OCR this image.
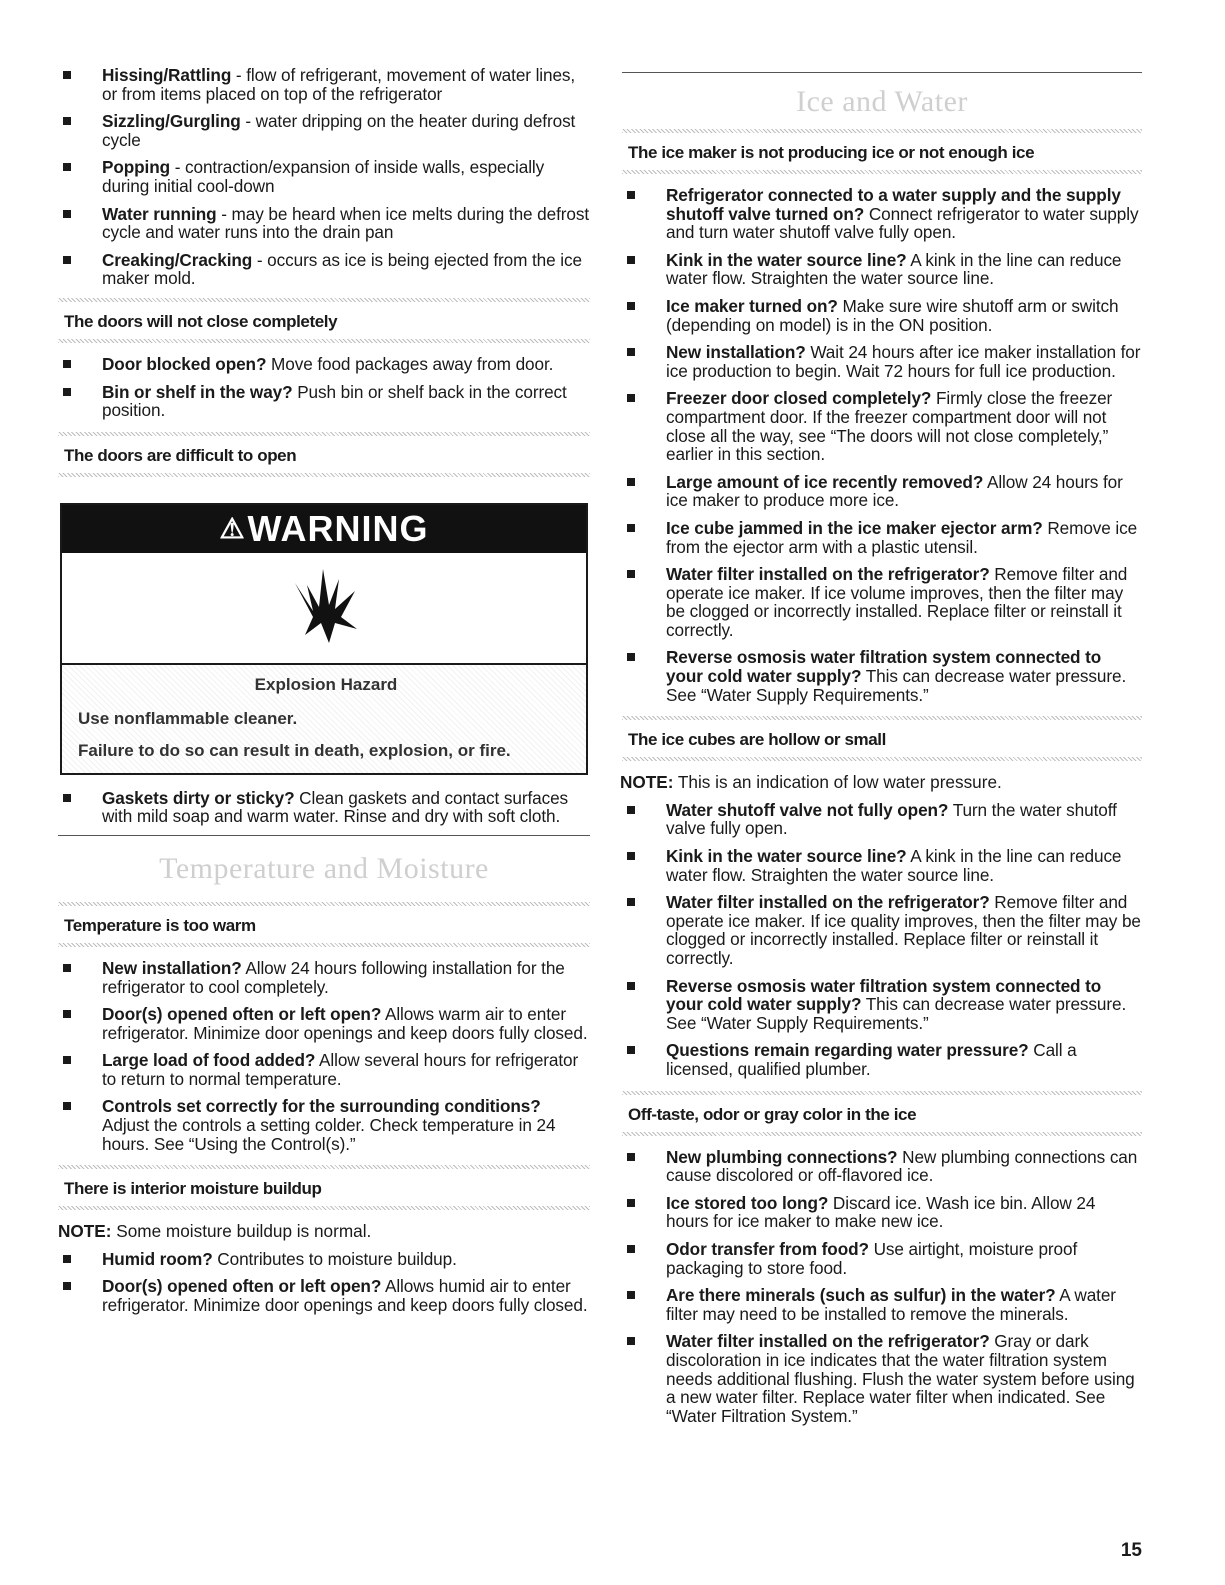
Hissing/Rattling - flow of refrigerant, movement of water lines, or from items placed on top of the refrigerator
Sizzling/Gurgling - water dripping on the heater during defrost cycle
Popping - contraction/expansion of inside walls, especially during initial cool-down
Water running - may be heard when ice melts during the defrost cycle and water runs into the drain pan
Creaking/Cracking - occurs as ice is being ejected from the ice maker mold.
The doors will not close completely
Door blocked open? Move food packages away from door.
Bin or shelf in the way? Push bin or shelf back in the correct position.
The doors are difficult to open
⚠WARNING
Explosion Hazard
Use nonflammable cleaner.
Failure to do so can result in death, explosion, or fire.
Gaskets dirty or sticky? Clean gaskets and contact surfaces with mild soap and warm water. Rinse and dry with soft cloth.
Temperature and Moisture
Temperature is too warm
New installation? Allow 24 hours following installation for the refrigerator to cool completely.
Door(s) opened often or left open? Allows warm air to enter refrigerator. Minimize door openings and keep doors fully closed.
Large load of food added? Allow several hours for refrigerator to return to normal temperature.
Controls set correctly for the surrounding conditions? Adjust the controls a setting colder. Check temperature in 24 hours. See “Using the Control(s).”
There is interior moisture buildup

NOTE: Some moisture buildup is normal.

Humid room? Contributes to moisture buildup.
Door(s) opened often or left open? Allows humid air to enter refrigerator. Minimize door openings and keep doors fully closed.
Ice and Water
The ice maker is not producing ice or not enough ice
Refrigerator connected to a water supply and the supply shutoff valve turned on? Connect refrigerator to water supply and turn water shutoff valve fully open.
Kink in the water source line? A kink in the line can reduce water flow. Straighten the water source line.
Ice maker turned on? Make sure wire shutoff arm or switch (depending on model) is in the ON position.
New installation? Wait 24 hours after ice maker installation for ice production to begin. Wait 72 hours for full ice production.
Freezer door closed completely? Firmly close the freezer compartment door. If the freezer compartment door will not close all the way, see “The doors will not close completely,” earlier in this section.
Large amount of ice recently removed? Allow 24 hours for ice maker to produce more ice.
Ice cube jammed in the ice maker ejector arm? Remove ice from the ejector arm with a plastic utensil.
Water filter installed on the refrigerator? Remove filter and operate ice maker. If ice volume improves, then the filter may be clogged or incorrectly installed. Replace filter or reinstall it correctly.
Reverse osmosis water filtration system connected to your cold water supply? This can decrease water pressure. See “Water Supply Requirements.”
The ice cubes are hollow or small

NOTE: This is an indication of low water pressure.

Water shutoff valve not fully open? Turn the water shutoff valve fully open.
Kink in the water source line? A kink in the line can reduce water flow. Straighten the water source line.
Water filter installed on the refrigerator? Remove filter and operate ice maker. If ice quality improves, then the filter may be clogged or incorrectly installed. Replace filter or reinstall it correctly.
Reverse osmosis water filtration system connected to your cold water supply? This can decrease water pressure. See “Water Supply Requirements.”
Questions remain regarding water pressure? Call a licensed, qualified plumber.
Off-taste, odor or gray color in the ice
New plumbing connections? New plumbing connections can cause discolored or off-flavored ice.
Ice stored too long? Discard ice. Wash ice bin. Allow 24 hours for ice maker to make new ice.
Odor transfer from food? Use airtight, moisture proof packaging to store food.
Are there minerals (such as sulfur) in the water? A water filter may need to be installed to remove the minerals.
Water filter installed on the refrigerator? Gray or dark discoloration in ice indicates that the water filtration system needs additional flushing. Flush the water system before using a new water filter. Replace water filter when indicated. See “Water Filtration System.”
15
